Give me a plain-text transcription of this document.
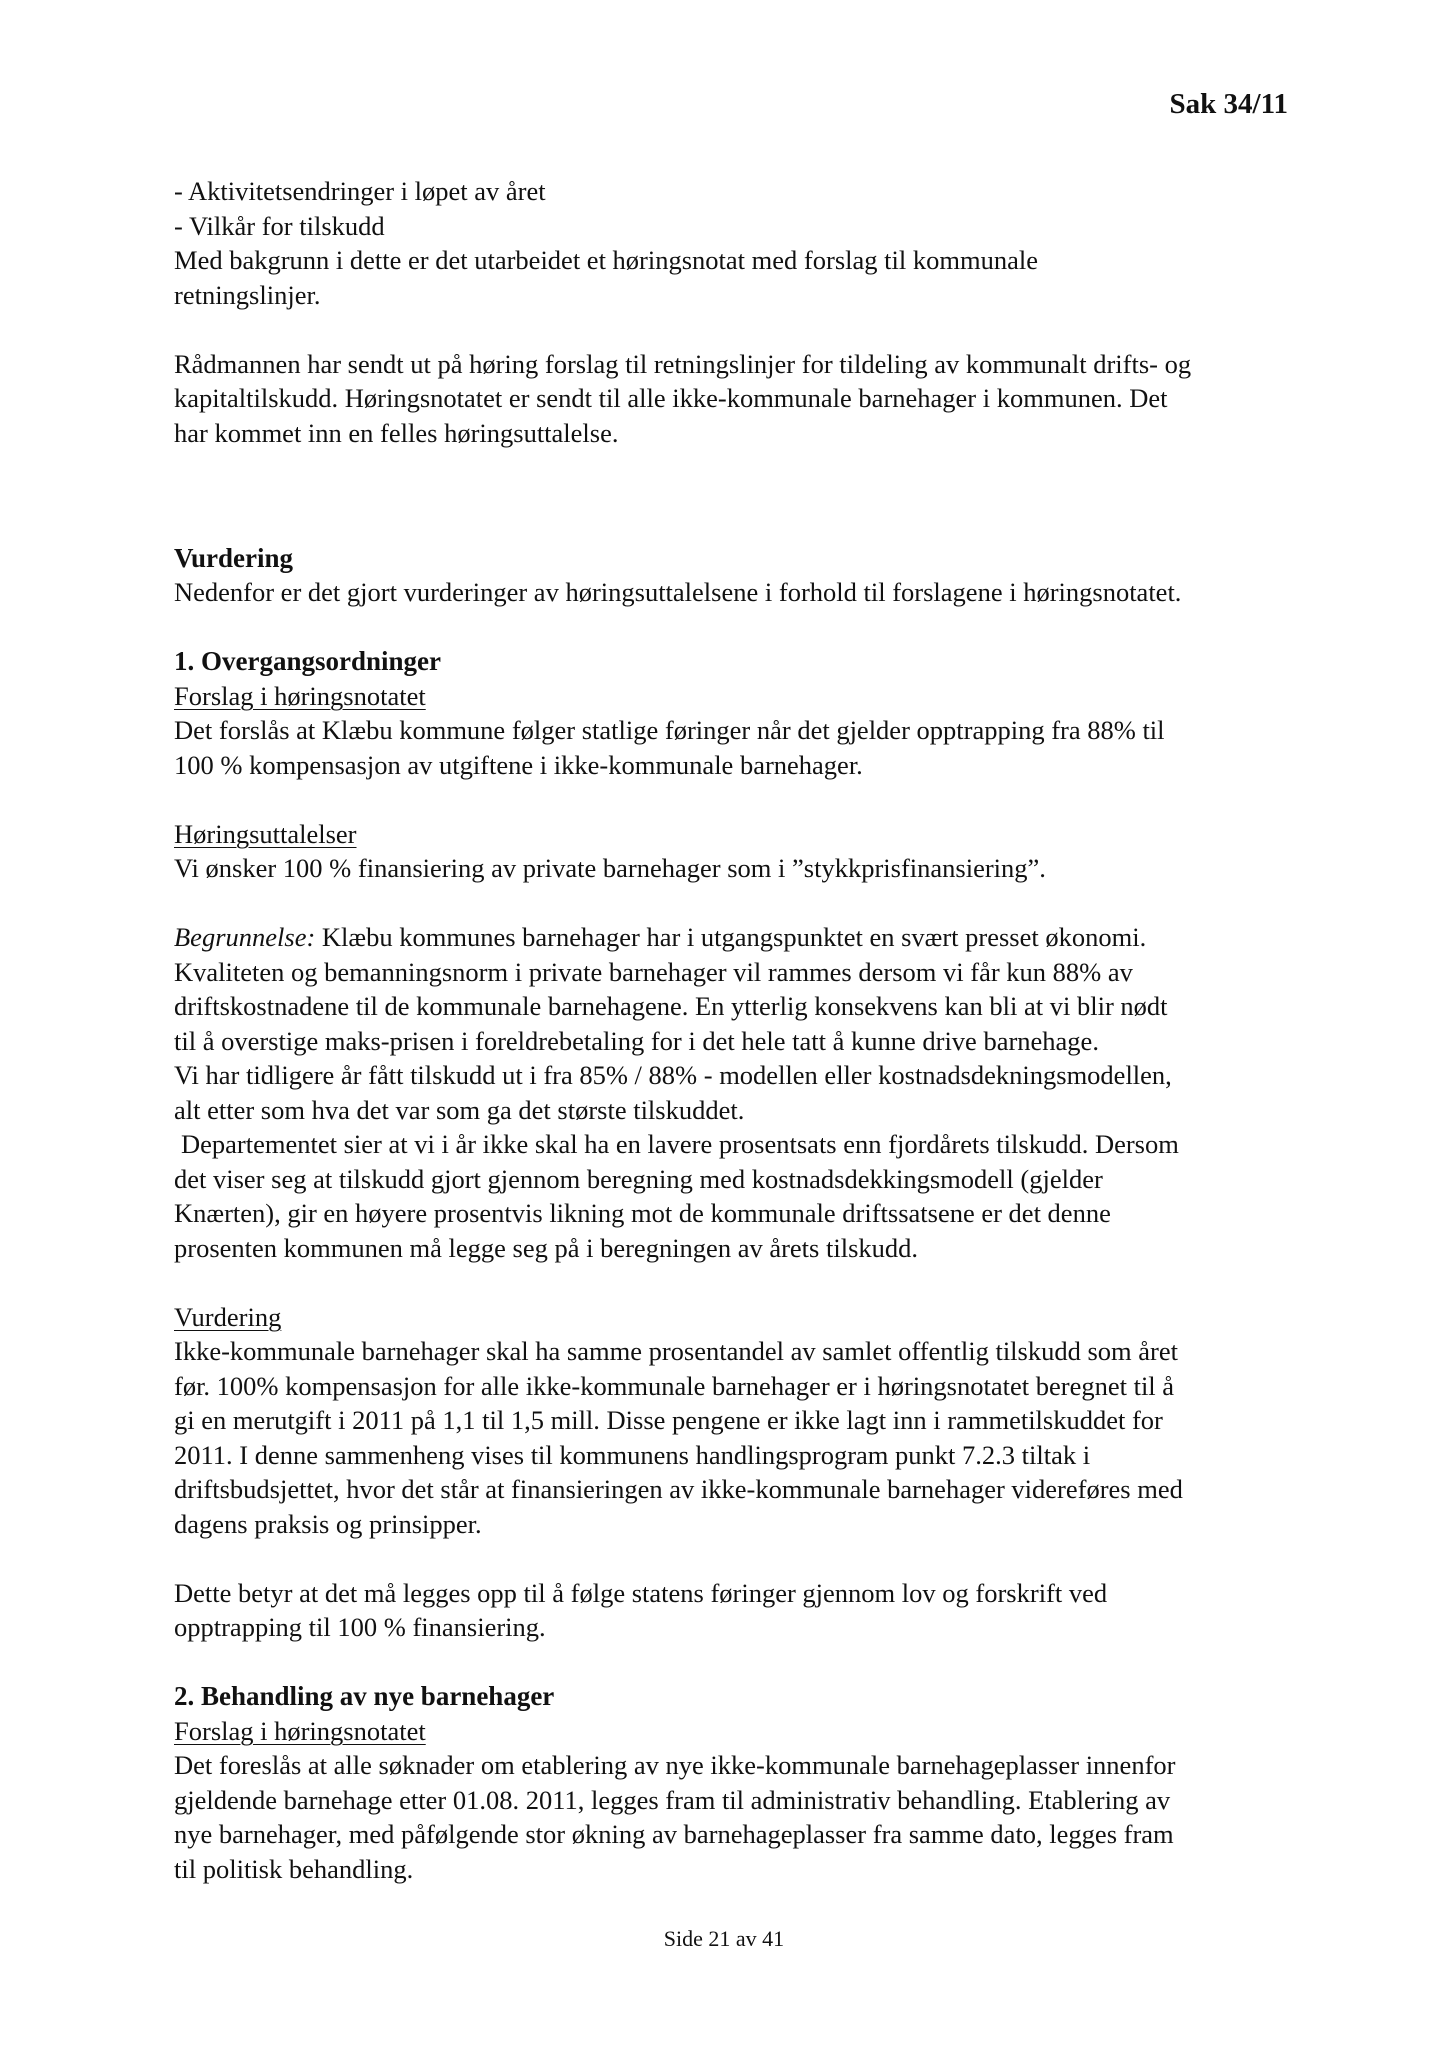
Sak 34/11

- Aktivitetsendringer i løpet av året

- Vilkår for tilskudd

Med bakgrunn i dette er det utarbeidet et høringsnotat med forslag til kommunale

retningslinjer.

Rådmannen har sendt ut på høring forslag til retningslinjer for tildeling av kommunalt drifts- og

kapitaltilskudd. Høringsnotatet er sendt til alle ikke-kommunale barnehager i kommunen. Det

har kommet inn en felles høringsuttalelse.

Vurdering

Nedenfor er det gjort vurderinger av høringsuttalelsene i forhold til forslagene i høringsnotatet.

1. Overgangsordninger

Forslag i høringsnotatet

Det forslås at Klæbu kommune følger statlige føringer når det gjelder opptrapping fra 88% til

100 % kompensasjon av utgiftene i ikke-kommunale barnehager.

Høringsuttalelser

Vi ønsker 100 % finansiering av private barnehager som i ”stykkprisfinansiering”.

Begrunnelse: Klæbu kommunes barnehager har i utgangspunktet en svært presset økonomi.

Kvaliteten og bemanningsnorm i private barnehager vil rammes dersom vi får kun 88% av

driftskostnadene til de kommunale barnehagene. En ytterlig konsekvens kan bli at vi blir nødt

til å overstige maks-prisen i foreldrebetaling for i det hele tatt å kunne drive barnehage.

Vi har tidligere år fått tilskudd ut i fra 85% / 88% - modellen eller kostnadsdekningsmodellen,

alt etter som hva det var som ga det største tilskuddet.

Departementet sier at vi i år ikke skal ha en lavere prosentsats enn fjordårets tilskudd. Dersom

det viser seg at tilskudd gjort gjennom beregning med kostnadsdekkingsmodell (gjelder

Knærten), gir en høyere prosentvis likning mot de kommunale driftssatsene er det denne

prosenten kommunen må legge seg på i beregningen av årets tilskudd.

Vurdering

Ikke-kommunale barnehager skal ha samme prosentandel av samlet offentlig tilskudd som året

før. 100% kompensasjon for alle ikke-kommunale barnehager er i høringsnotatet beregnet til å

gi en merutgift i 2011 på 1,1 til 1,5 mill. Disse pengene er ikke lagt inn i rammetilskuddet for

2011. I denne sammenheng vises til kommunens handlingsprogram punkt 7.2.3 tiltak i

driftsbudsjettet, hvor det står at finansieringen av ikke-kommunale barnehager videreføres med

dagens praksis og prinsipper.

Dette betyr at det må legges opp til å følge statens føringer gjennom lov og forskrift ved

opptrapping til 100 % finansiering.

2. Behandling av nye barnehager

Forslag i høringsnotatet

Det foreslås at alle søknader om etablering av nye ikke-kommunale barnehageplasser innenfor

gjeldende barnehage etter 01.08. 2011, legges fram til administrativ behandling. Etablering av

nye barnehager, med påfølgende stor økning av barnehageplasser fra samme dato, legges fram

til politisk behandling.

Side 21 av 41
